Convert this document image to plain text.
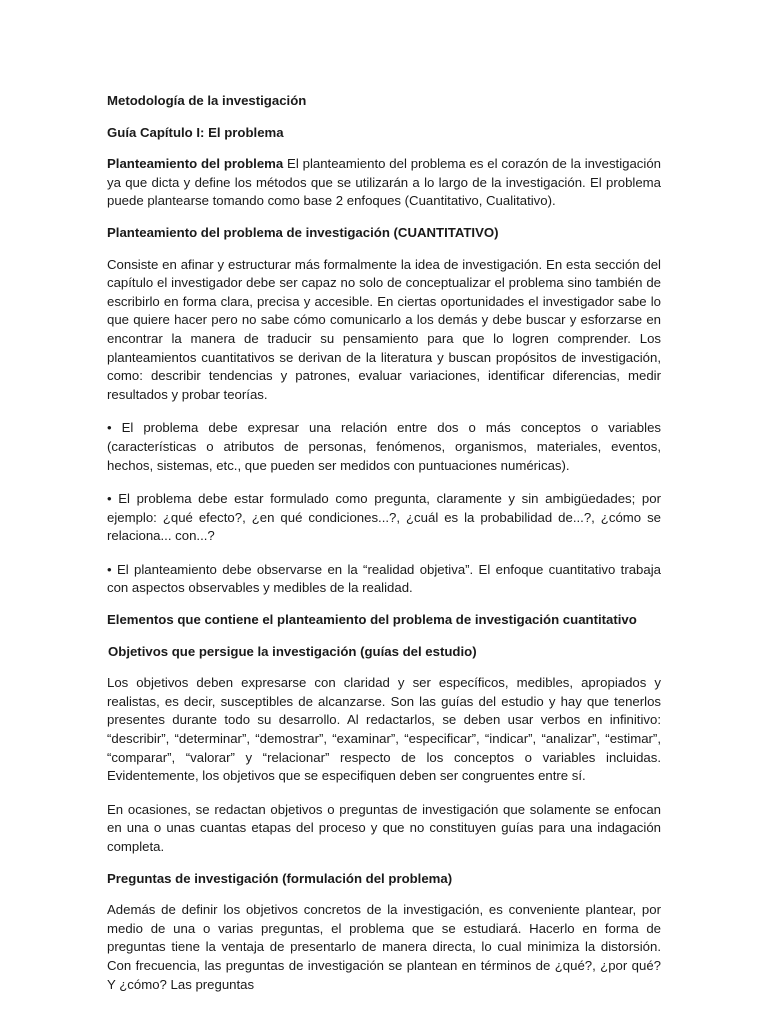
Metodología de la investigación

Guía Capítulo I: El problema

Planteamiento del problema El planteamiento del problema es el corazón de la investigación ya que dicta y define los métodos que se utilizarán a lo largo de la investigación. El problema puede plantearse tomando como base 2 enfoques (Cuantitativo, Cualitativo).

Planteamiento del problema de investigación (CUANTITATIVO)

Consiste en afinar y estructurar más formalmente la idea de investigación. En esta sección del capítulo el investigador debe ser capaz no solo de conceptualizar el problema sino también de escribirlo en forma clara, precisa y accesible. En ciertas oportunidades el investigador sabe lo que quiere hacer pero no sabe cómo comunicarlo a los demás y debe buscar y esforzarse en encontrar la manera de traducir su pensamiento para que lo logren comprender. Los planteamientos cuantitativos se derivan de la literatura y buscan propósitos de investigación, como: describir tendencias y patrones, evaluar variaciones, identificar diferencias, medir resultados y probar teorías.

• El problema debe expresar una relación entre dos o más conceptos o variables (características o atributos de personas, fenómenos, organismos, materiales, eventos, hechos, sistemas, etc., que pueden ser medidos con puntuaciones numéricas).

• El problema debe estar formulado como pregunta, claramente y sin ambigüedades; por ejemplo: ¿qué efecto?, ¿en qué condiciones...?, ¿cuál es la probabilidad de...?, ¿cómo se relaciona... con...?

• El planteamiento debe observarse en la “realidad objetiva”. El enfoque cuantitativo trabaja con aspectos observables y medibles de la realidad.

Elementos que contiene el planteamiento del problema de investigación cuantitativo

Objetivos que persigue la investigación (guías del estudio)

Los objetivos deben expresarse con claridad y ser específicos, medibles, apropiados y realistas, es decir, susceptibles de alcanzarse. Son las guías del estudio y hay que tenerlos presentes durante todo su desarrollo. Al redactarlos, se deben usar verbos en infinitivo: “describir”, “determinar”, “demostrar”, “examinar”, “especificar”, “indicar”, “analizar”, “estimar”, “comparar”, “valorar” y “relacionar” respecto de los conceptos o variables incluidas. Evidentemente, los objetivos que se especifiquen deben ser congruentes entre sí.

En ocasiones, se redactan objetivos o preguntas de investigación que solamente se enfocan en una o unas cuantas etapas del proceso y que no constituyen guías para una indagación completa.

Preguntas de investigación (formulación del problema)

Además de definir los objetivos concretos de la investigación, es conveniente plantear, por medio de una o varias preguntas, el problema que se estudiará. Hacerlo en forma de preguntas tiene la ventaja de presentarlo de manera directa, lo cual minimiza la distorsión. Con frecuencia, las preguntas de investigación se plantean en términos de ¿qué?, ¿por qué? Y ¿cómo? Las preguntas
